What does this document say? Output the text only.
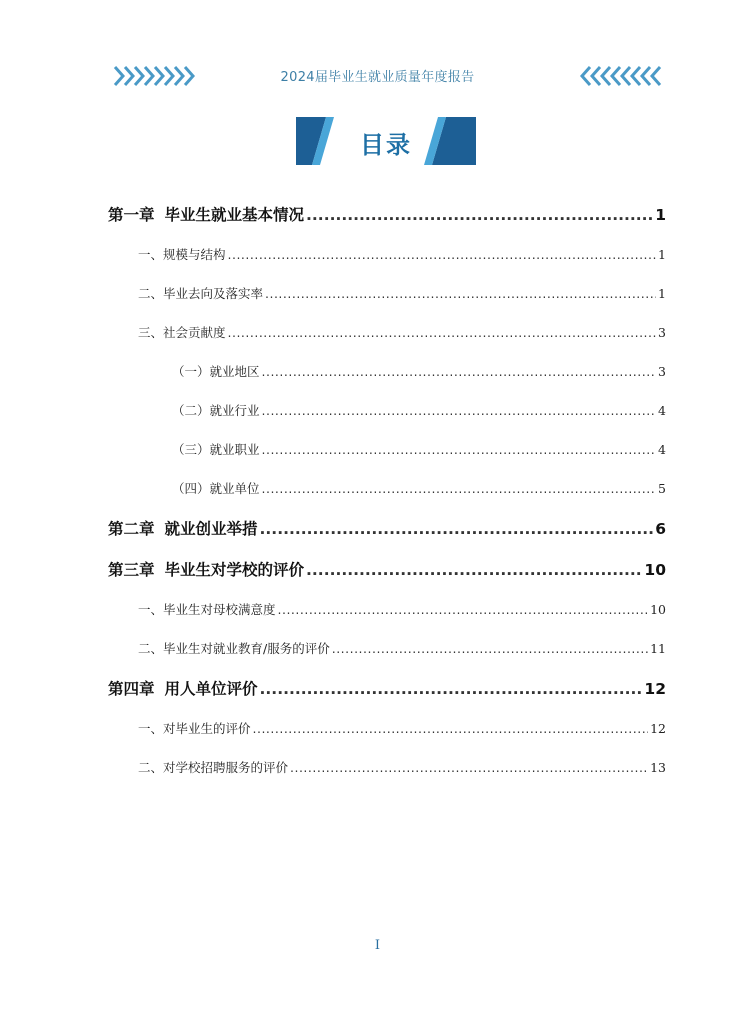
2024届毕业生就业质量年度报告
目录
第一章 毕业生就业基本情况 .....	1
一、规模与结构 .....	1
二、毕业去向及落实率 .....	1
三、社会贡献度 .....	3
（一）就业地区 .....	3
（二）就业行业 .....	4
（三）就业职业 .....	4
（四）就业单位 .....	5
第二章 就业创业举措 .....	6
第三章 毕业生对学校的评价 .....	10
一、毕业生对母校满意度 .....	10
二、毕业生对就业教育/服务的评价 .....	11
第四章 用人单位评价 .....	12
一、对毕业生的评价 .....	12
二、对学校招聘服务的评价 .....	13
I
